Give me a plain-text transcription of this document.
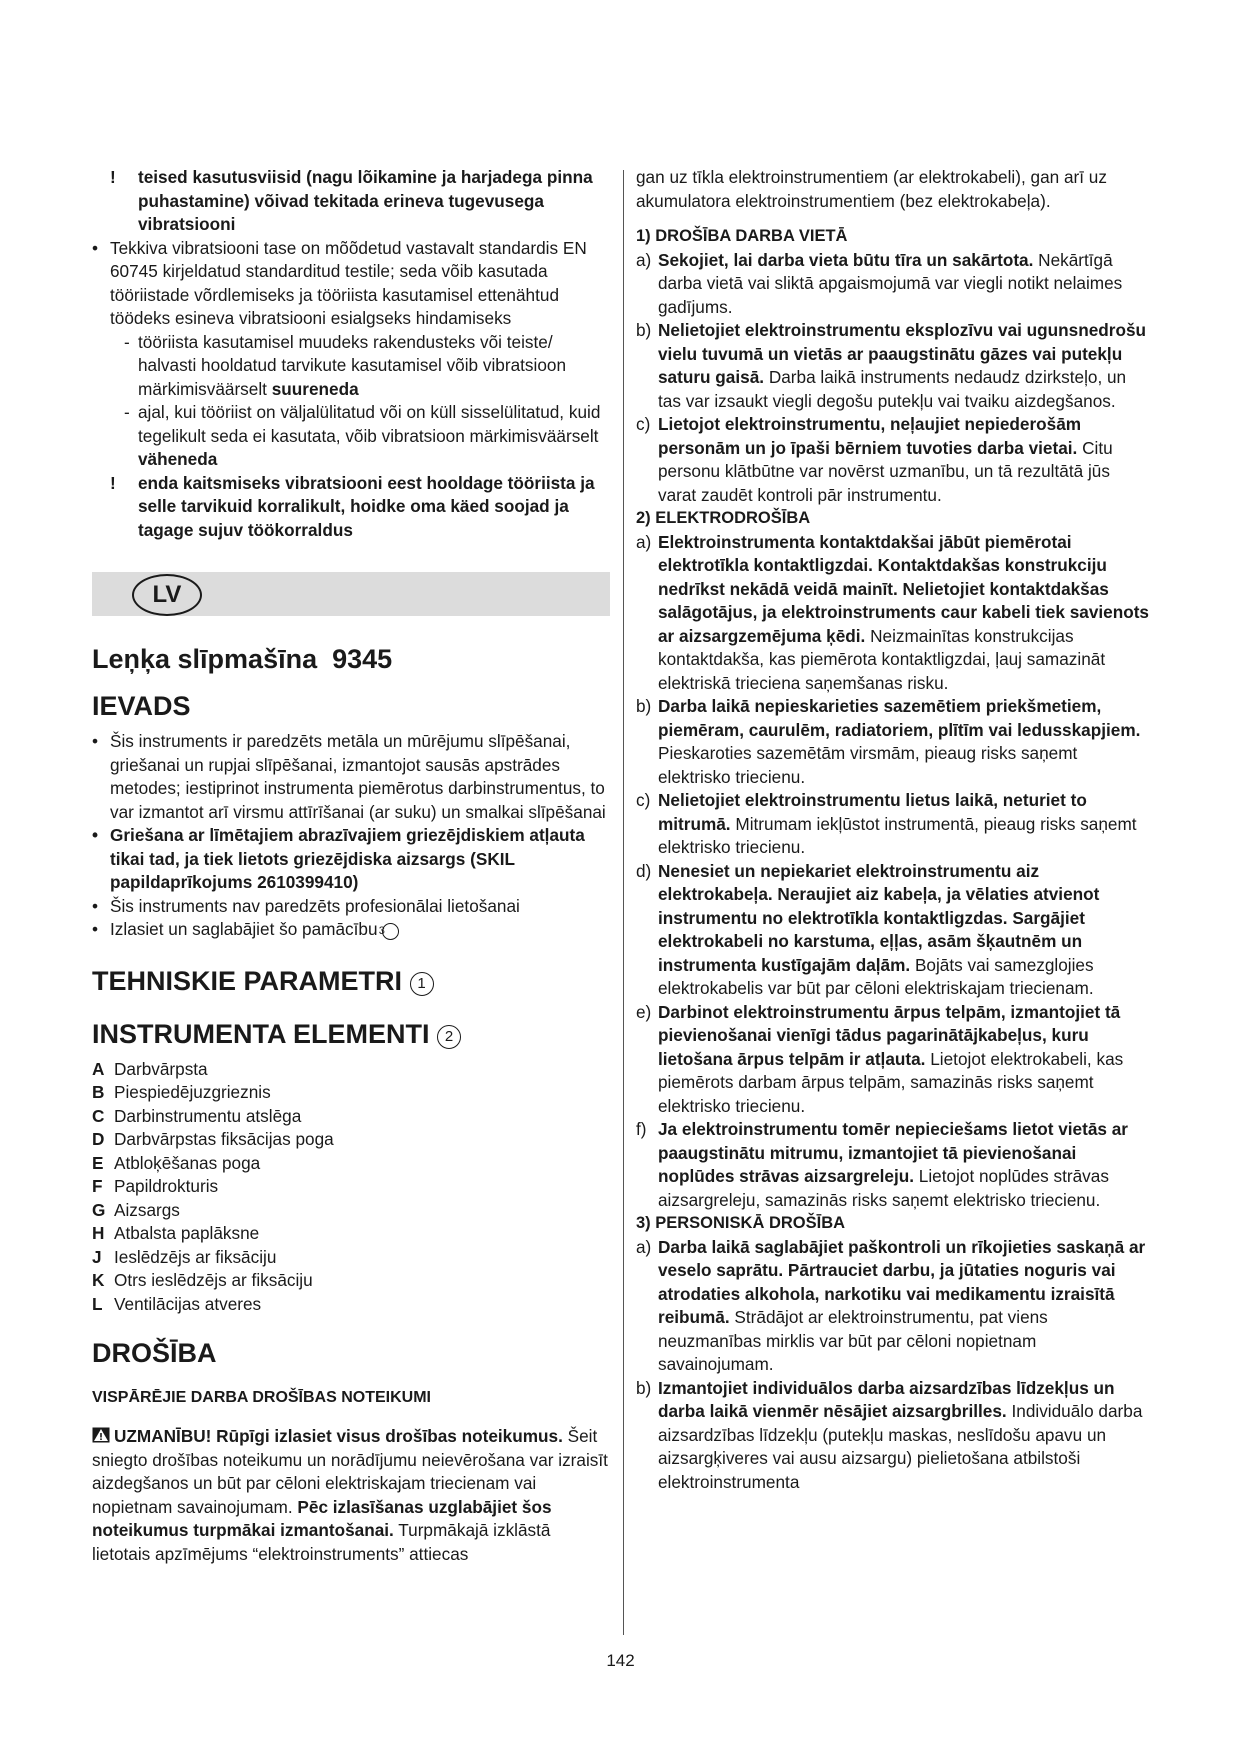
! teised kasutusviisid (nagu lõikamine ja harjadega pinna puhastamine) võivad tekitada erineva tugevusega vibratsiooni

• Tekkiva vibratsiooni tase on mõõdetud vastavalt standardis EN 60745 kirjeldatud standarditud testile; seda võib kasutada tööriistade võrdlemiseks ja tööriista kasutamisel ettenähtud töödeks esineva vibratsiooni esialgseks hindamiseks

- tööriista kasutamisel muudeks rakendusteks või teiste/ halvasti hooldatud tarvikute kasutamisel võib vibratsioon märkimisväärselt suureneda

- ajal, kui tööriist on väljalülitatud või on küll sisselülitatud, kuid tegelikult seda ei kasutata, võib vibratsioon märkimisväärselt väheneda

! enda kaitsmiseks vibratsiooni eest hooldage tööriista ja selle tarvikuid korralikult, hoidke oma käed soojad ja tagage sujuv töökorraldus

LV
Leņķa slīpmašīna  9345
IEVADS

• Šis instruments ir paredzēts metāla un mūrējumu slīpēšanai, griešanai un rupjai slīpēšanai, izmantojot sausās apstrādes metodes; iestiprinot instrumenta piemērotus darbinstrumentus, to var izmantot arī virsmu attīrīšanai (ar suku) un smalkai slīpēšanai

• Griešana ar līmētajiem abrazīvajiem griezējdiskiem atļauta tikai tad, ja tiek lietots griezējdiska aizsargs (SKIL papildaprīkojums 2610399410)

• Šis instruments nav paredzēts profesionālai lietošanai

• Izlasiet un saglabājiet šo pamācību 3

TEHNISKIE PARAMETRI 1
INSTRUMENTA ELEMENTI 2

A Darbvārpsta

B Piespiedējuzgrieznis

C Darbinstrumentu atslēga

D Darbvārpstas fiksācijas poga

E Atbloķēšanas poga

F Papildrokturis

G Aizsargs

H Atbalsta paplāksne

J Ieslēdzējs ar fiksāciju

K Otrs ieslēdzējs ar fiksāciju

L Ventilācijas atveres

DROŠĪBA
VISPĀRĒJIE DARBA DROŠĪBAS NOTEIKUMI

UZMANĪBU! Rūpīgi izlasiet visus drošības noteikumus. Šeit sniegto drošības noteikumu un norādījumu neievērošana var izraisīt aizdegšanos un būt par cēloni elektriskajam triecienam vai nopietnam savainojumam. Pēc izlasīšanas uzglabājiet šos noteikumus turpmākai izmantošanai. Turpmākajā izklāstā lietotais apzīmējums “elektroinstruments” attiecas

gan uz tīkla elektroinstrumentiem (ar elektrokabeli), gan arī uz akumulatora elektroinstrumentiem (bez elektrokabeļa).

1) DROŠĪBA DARBA VIETĀ

a) Sekojiet, lai darba vieta būtu tīra un sakārtota. Nekārtīgā darba vietā vai sliktā apgaismojumā var viegli notikt nelaimes gadījums.

b) Nelietojiet elektroinstrumentu eksplozīvu vai ugunsnedrošu vielu tuvumā un vietās ar paaugstinātu gāzes vai putekļu saturu gaisā. Darba laikā instruments nedaudz dzirksteļo, un tas var izsaukt viegli degošu putekļu vai tvaiku aizdegšanos.

c) Lietojot elektroinstrumentu, neļaujiet nepiederošām personām un jo īpaši bērniem tuvoties darba vietai. Citu personu klātbūtne var novērst uzmanību, un tā rezultātā jūs varat zaudēt kontroli pār instrumentu.

2) ELEKTRODROŠĪBA

a) Elektroinstrumenta kontaktdakšai jābūt piemērotai elektrotīkla kontaktligzdai. Kontaktdakšas konstrukciju nedrīkst nekādā veidā mainīt. Nelietojiet kontaktdakšas salāgotājus, ja elektroinstruments caur kabeli tiek savienots ar aizsargzemējuma ķēdi. Neizmainītas konstrukcijas kontaktdakša, kas piemērota kontaktligzdai, ļauj samazināt elektriskā trieciena saņemšanas risku.

b) Darba laikā nepieskarieties sazemētiem priekšmetiem, piemēram, caurulēm, radiatoriem, plītīm vai ledusskapjiem. Pieskaroties sazemētām virsmām, pieaug risks saņemt elektrisko triecienu.

c) Nelietojiet elektroinstrumentu lietus laikā, neturiet to mitrumā. Mitrumam iekļūstot instrumentā, pieaug risks saņemt elektrisko triecienu.

d) Nenesiet un nepiekariet elektroinstrumentu aiz elektrokabeļa. Neraujiet aiz kabeļa, ja vēlaties atvienot instrumentu no elektrotīkla kontaktligzdas. Sargājiet elektrokabeli no karstuma, eļļas, asām šķautnēm un instrumenta kustīgajām daļām. Bojāts vai samezglojies elektrokabelis var būt par cēloni elektriskajam triecienam.

e) Darbinot elektroinstrumentu ārpus telpām, izmantojiet tā pievienošanai vienīgi tādus pagarinātājkabeļus, kuru lietošana ārpus telpām ir atļauta. Lietojot elektrokabeli, kas piemērots darbam ārpus telpām, samazinās risks saņemt elektrisko triecienu.

f) Ja elektroinstrumentu tomēr nepieciešams lietot vietās ar paaugstinātu mitrumu, izmantojiet tā pievienošanai noplūdes strāvas aizsargreleju. Lietojot noplūdes strāvas aizsargreleju, samazinās risks saņemt elektrisko triecienu.

3) PERSONISKĀ DROŠĪBA

a) Darba laikā saglabājiet paškontroli un rīkojieties saskaņā ar veselo saprātu. Pārtrauciet darbu, ja jūtaties noguris vai atrodaties alkohola, narkotiku vai medikamentu izraisītā reibumā. Strādājot ar elektroinstrumentu, pat viens neuzmanības mirklis var būt par cēloni nopietnam savainojumam.

b) Izmantojiet individuālos darba aizsardzības līdzekļus un darba laikā vienmēr nēsājiet aizsargbrilles. Individuālo darba aizsardzības līdzekļu (putekļu maskas, neslīdošu apavu un aizsargķiveres vai ausu aizsargu) pielietošana atbilstoši elektroinstrumenta

142
